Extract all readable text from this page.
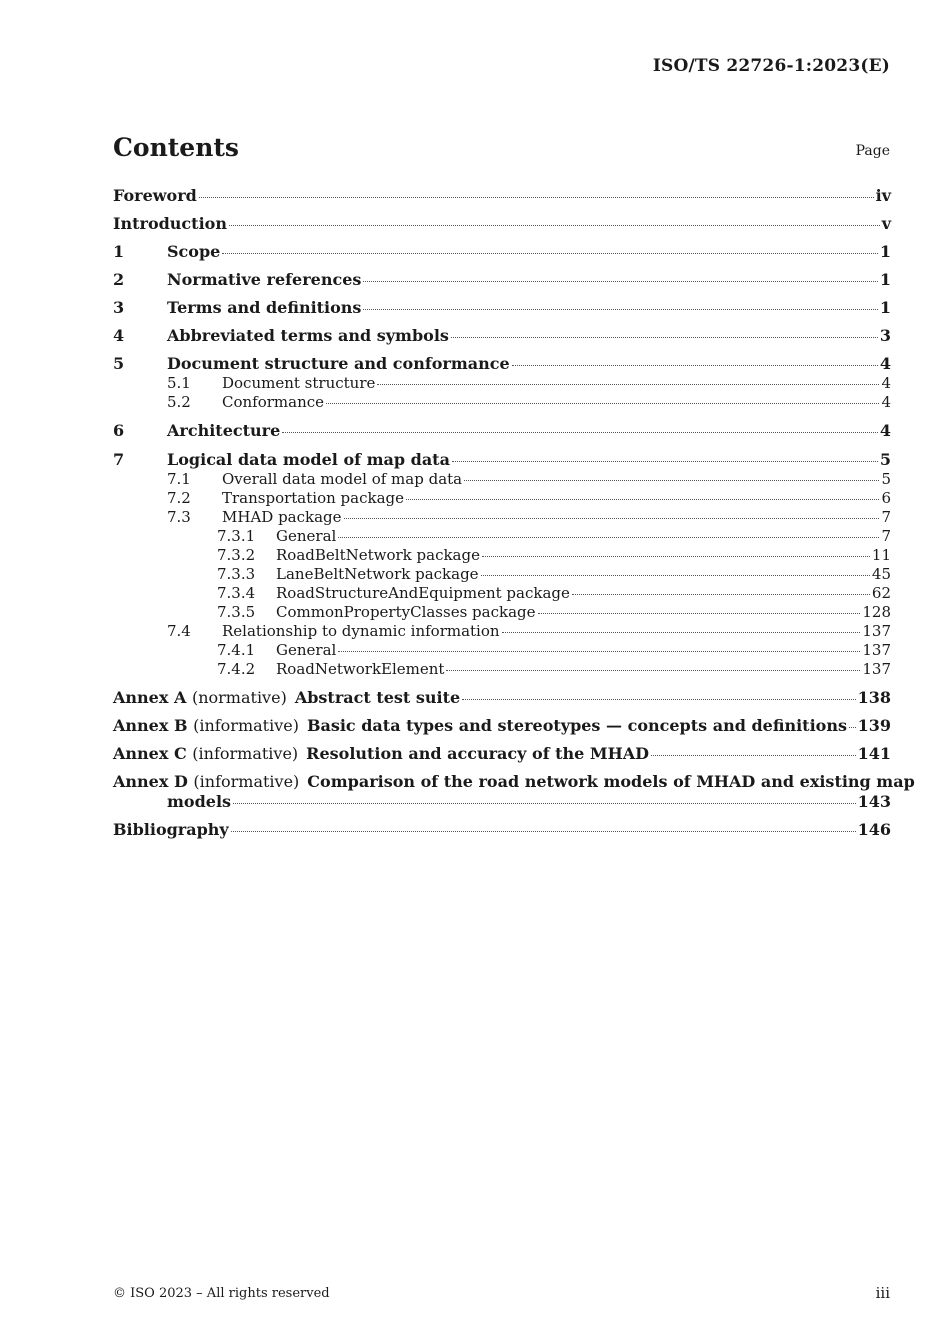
ISO/TS 22726-1:2023(E)
Contents	Page
Foreword	iv
Introduction	v
1	Scope	1
2	Normative references	1
3	Terms and definitions	1
4	Abbreviated terms and symbols	3
5	Document structure and conformance	4
5.1 Document structure	4
5.2 Conformance	4
6	Architecture	4
7	Logical data model of map data	5
7.1 Overall data model of map data	5
7.2 Transportation package	6
7.3 MHAD package	7
7.3.1 General	7
7.3.2 RoadBeltNetwork package	11
7.3.3 LaneBeltNetwork package	45
7.3.4 RoadStructureAndEquipment package	62
7.3.5 CommonPropertyClasses package	128
7.4 Relationship to dynamic information	137
7.4.1 General	137
7.4.2 RoadNetworkElement	137
Annex A (normative) Abstract test suite	138
Annex B (informative) Basic data types and stereotypes — concepts and definitions 139
Annex C (informative) Resolution and accuracy of the MHAD	141
Annex D (informative) Comparison of the road network models of MHAD and existing map
models	143
Bibliography	146
© ISO 2023 – All rights reserved	iii
